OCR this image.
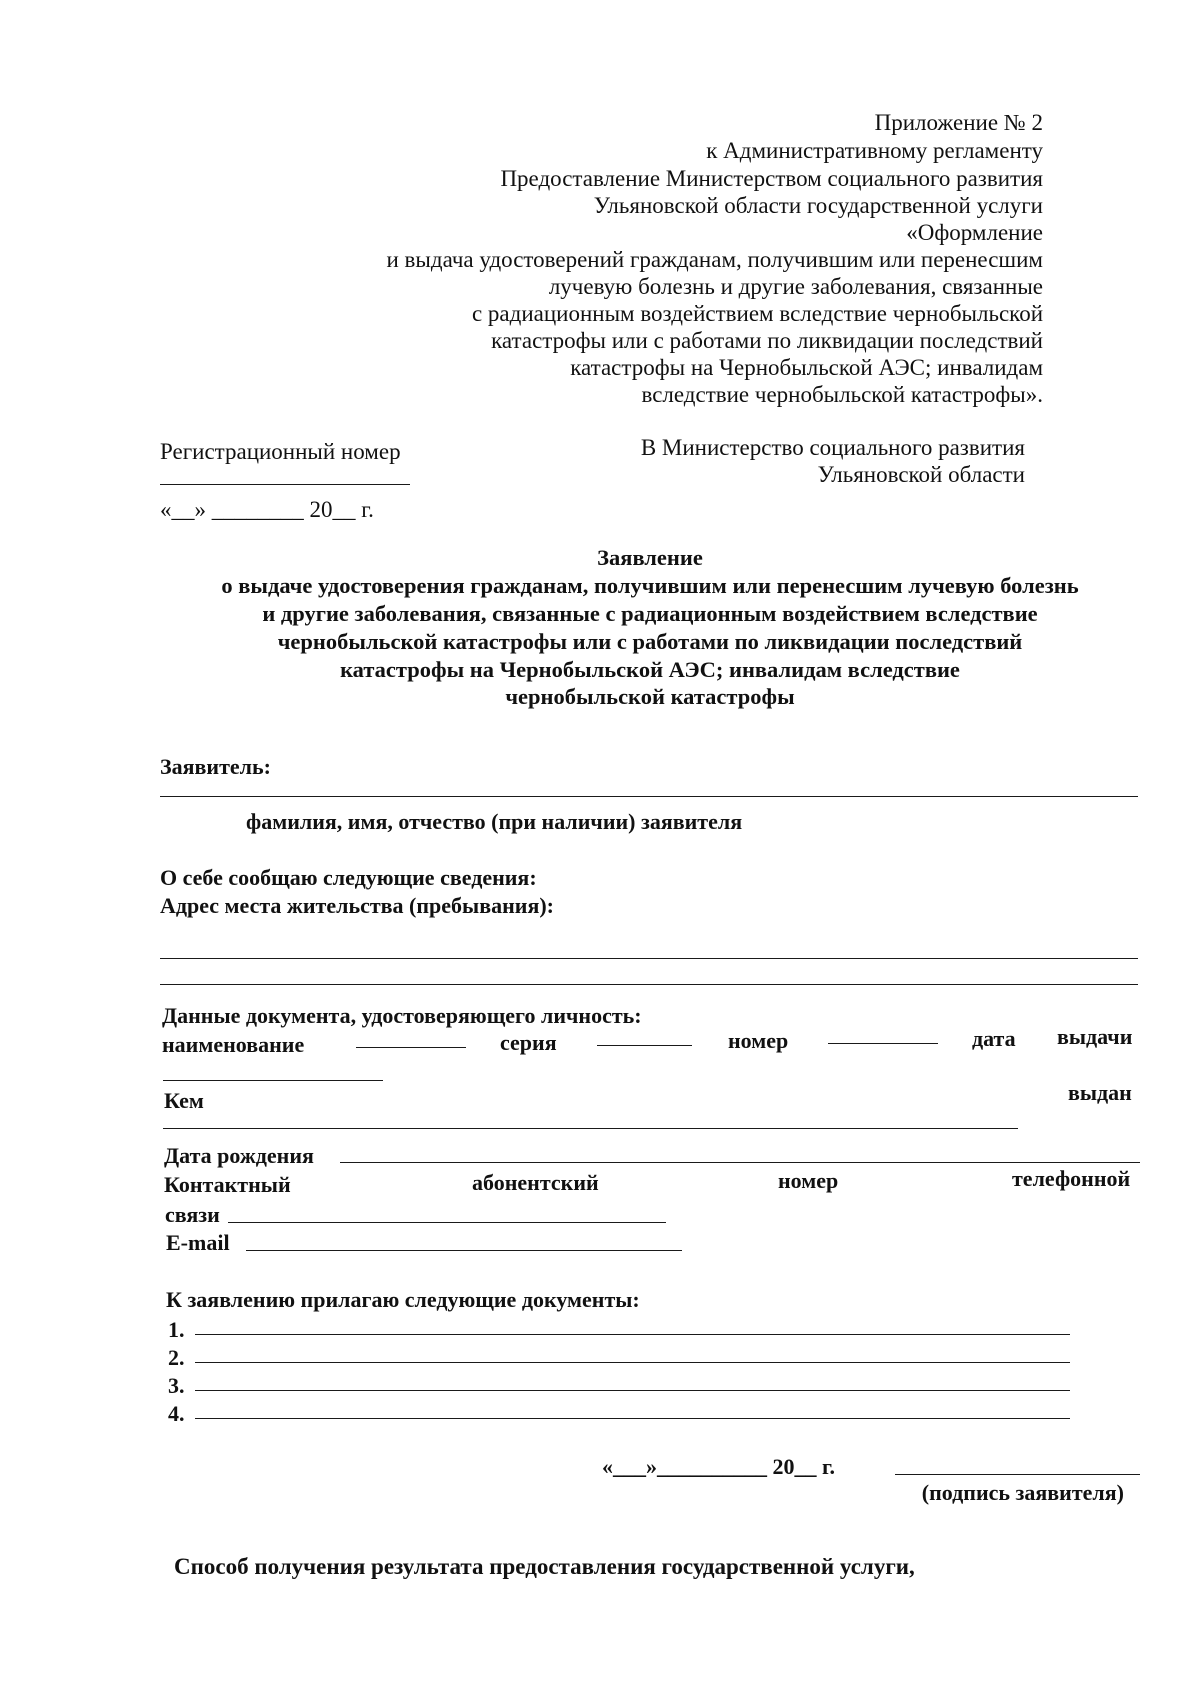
Приложение № 2
к Административному регламенту
Предоставление Министерством социального развития
Ульяновской области государственной услуги
«Оформление
и выдача удостоверений гражданам, получившим или перенесшим
лучевую болезнь и другие заболевания, связанные
с радиационным воздействием вследствие чернобыльской
катастрофы или с работами по ликвидации последствий
катастрофы на Чернобыльской АЭС; инвалидам
вследствие чернобыльской катастрофы».
Регистрационный номер
«__» ________ 20__ г.
В Министерство социального развития
Ульяновской области
Заявление
о выдаче удостоверения гражданам, получившим или перенесшим лучевую болезнь
и другие заболевания, связанные с радиационным воздействием вследствие
чернобыльской катастрофы или с работами по ликвидации последствий
катастрофы на Чернобыльской АЭС; инвалидам вследствие
чернобыльской катастрофы
Заявитель:
фамилия, имя, отчество (при наличии) заявителя
О себе сообщаю следующие сведения:
Адрес места жительства (пребывания):
Данные документа, удостоверяющего личность:
наименование	серия	номер	дата выдачи
Кем	выдан
Дата рождения
Контактный	абонентский	номер	телефонной
связи
E-mail
К заявлению прилагаю следующие документы:
1.
2.
3.
4.
«___»__________ 20__ г.
(подпись заявителя)
Способ получения результата предоставления государственной услуги,
